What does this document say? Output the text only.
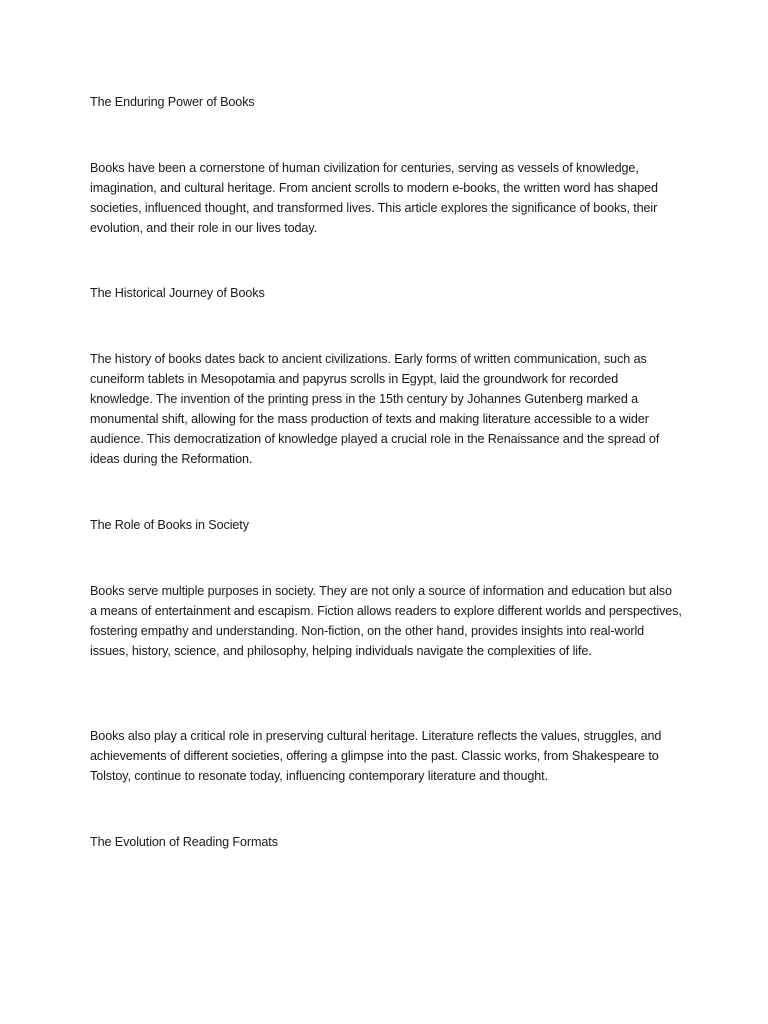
The Enduring Power of Books

Books have been a cornerstone of human civilization for centuries, serving as vessels of knowledge, imagination, and cultural heritage. From ancient scrolls to modern e-books, the written word has shaped societies, influenced thought, and transformed lives. This article explores the significance of books, their evolution, and their role in our lives today.

The Historical Journey of Books

The history of books dates back to ancient civilizations. Early forms of written communication, such as cuneiform tablets in Mesopotamia and papyrus scrolls in Egypt, laid the groundwork for recorded knowledge. The invention of the printing press in the 15th century by Johannes Gutenberg marked a monumental shift, allowing for the mass production of texts and making literature accessible to a wider audience. This democratization of knowledge played a crucial role in the Renaissance and the spread of ideas during the Reformation.

The Role of Books in Society

Books serve multiple purposes in society. They are not only a source of information and education but also a means of entertainment and escapism. Fiction allows readers to explore different worlds and perspectives, fostering empathy and understanding. Non-fiction, on the other hand, provides insights into real-world issues, history, science, and philosophy, helping individuals navigate the complexities of life.

Books also play a critical role in preserving cultural heritage. Literature reflects the values, struggles, and achievements of different societies, offering a glimpse into the past. Classic works, from Shakespeare to Tolstoy, continue to resonate today, influencing contemporary literature and thought.

The Evolution of Reading Formats
